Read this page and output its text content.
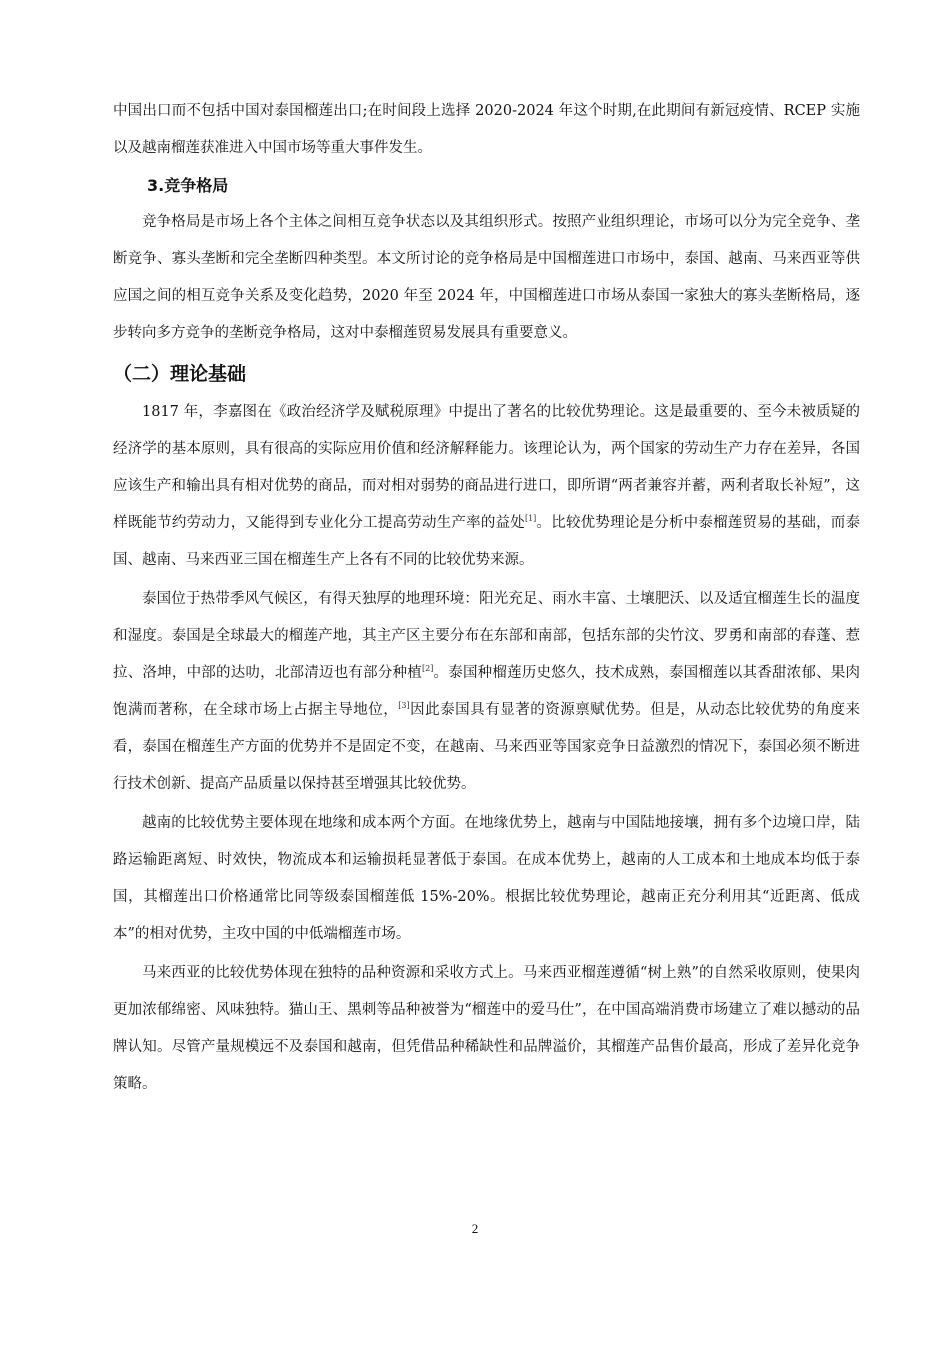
中国出口而不包括中国对泰国榴莲出口;在时间段上选择 2020-2024 年这个时期,在此期间有新冠疫情、RCEP 实施以及越南榴莲获准进入中国市场等重大事件发生。

3.竞争格局

竞争格局是市场上各个主体之间相互竞争状态以及其组织形式。按照产业组织理论，市场可以分为完全竞争、垄断竞争、寡头垄断和完全垄断四种类型。本文所讨论的竞争格局是中国榴莲进口市场中，泰国、越南、马来西亚等供应国之间的相互竞争关系及变化趋势，2020 年至 2024 年，中国榴莲进口市场从泰国一家独大的寡头垄断格局，逐步转向多方竞争的垄断竞争格局，这对中泰榴莲贸易发展具有重要意义。

（二）理论基础

1817 年，李嘉图在《政治经济学及赋税原理》中提出了著名的比较优势理论。这是最重要的、至今未被质疑的经济学的基本原则，具有很高的实际应用价值和经济解释能力。该理论认为，两个国家的劳动生产力存在差异，各国应该生产和输出具有相对优势的商品，而对相对弱势的商品进行进口，即所谓“两者兼容并蓄，两利者取长补短”，这样既能节约劳动力，又能得到专业化分工提高劳动生产率的益处[1]。比较优势理论是分析中泰榴莲贸易的基础，而泰国、越南、马来西亚三国在榴莲生产上各有不同的比较优势来源。

泰国位于热带季风气候区，有得天独厚的地理环境：阳光充足、雨水丰富、土壤肥沃、以及适宜榴莲生长的温度和湿度。泰国是全球最大的榴莲产地，其主产区主要分布在东部和南部，包括东部的尖竹汶、罗勇和南部的春蓬、惹拉、洛坤，中部的达叻，北部清迈也有部分种植[2]。泰国种榴莲历史悠久，技术成熟，泰国榴莲以其香甜浓郁、果肉饱满而著称，在全球市场上占据主导地位，[3]因此泰国具有显著的资源禀赋优势。但是，从动态比较优势的角度来看，泰国在榴莲生产方面的优势并不是固定不变，在越南、马来西亚等国家竞争日益激烈的情况下，泰国必须不断进行技术创新、提高产品质量以保持甚至增强其比较优势。

越南的比较优势主要体现在地缘和成本两个方面。在地缘优势上，越南与中国陆地接壤，拥有多个边境口岸，陆路运输距离短、时效快，物流成本和运输损耗显著低于泰国。在成本优势上，越南的人工成本和土地成本均低于泰国，其榴莲出口价格通常比同等级泰国榴莲低 15%-20%。根据比较优势理论，越南正充分利用其“近距离、低成本”的相对优势，主攻中国的中低端榴莲市场。

马来西亚的比较优势体现在独特的品种资源和采收方式上。马来西亚榴莲遵循“树上熟”的自然采收原则，使果肉更加浓郁绵密、风味独特。猫山王、黑刺等品种被誉为“榴莲中的爱马仕”，在中国高端消费市场建立了难以撼动的品牌认知。尽管产量规模远不及泰国和越南，但凭借品种稀缺性和品牌溢价，其榴莲产品售价最高，形成了差异化竞争策略。

2
